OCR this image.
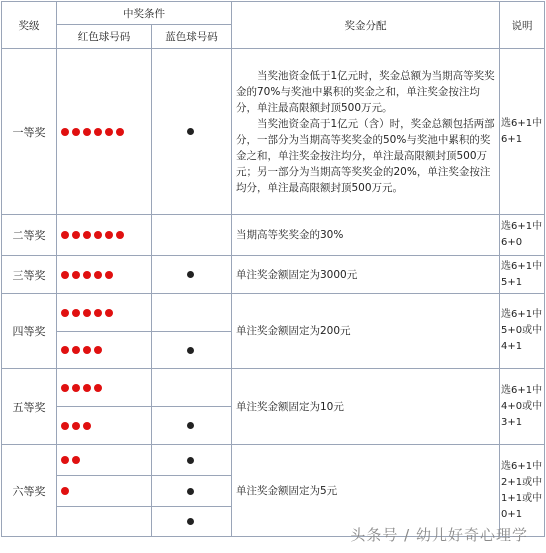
奖级	中奖条件		奖金分配	说明
	红色球号码	蓝色球号码		
一等奖			当奖池资金低于1亿元时，奖金总额为当期高等奖奖金的70%与奖池中累积的奖金之和，单注奖金按注均分，单注最高限额封顶500万元。

当奖池资金高于1亿元（含）时，奖金总额包括两部分，一部分为当期高等奖奖金的50%与奖池中累积的奖金之和，单注奖金按注均分，单注最高限额封顶500万元；另一部分为当期高等奖奖金的20%，单注奖金按注均分，单注最高限额封顶500万元。	选6+1中6+1
二等奖			当期高等奖奖金的30%	选6+1中6+0
三等奖			单注奖金额固定为3000元	选6+1中5+1
四等奖			单注奖金额固定为200元	选6+1中5+0或中4+1

五等奖			单注奖金额固定为10元	选6+1中4+0或中3+1

六等奖			单注奖金额固定为5元	选6+1中2+1或中1+1或中0+1

头条号 / 幼儿好奇心理学
